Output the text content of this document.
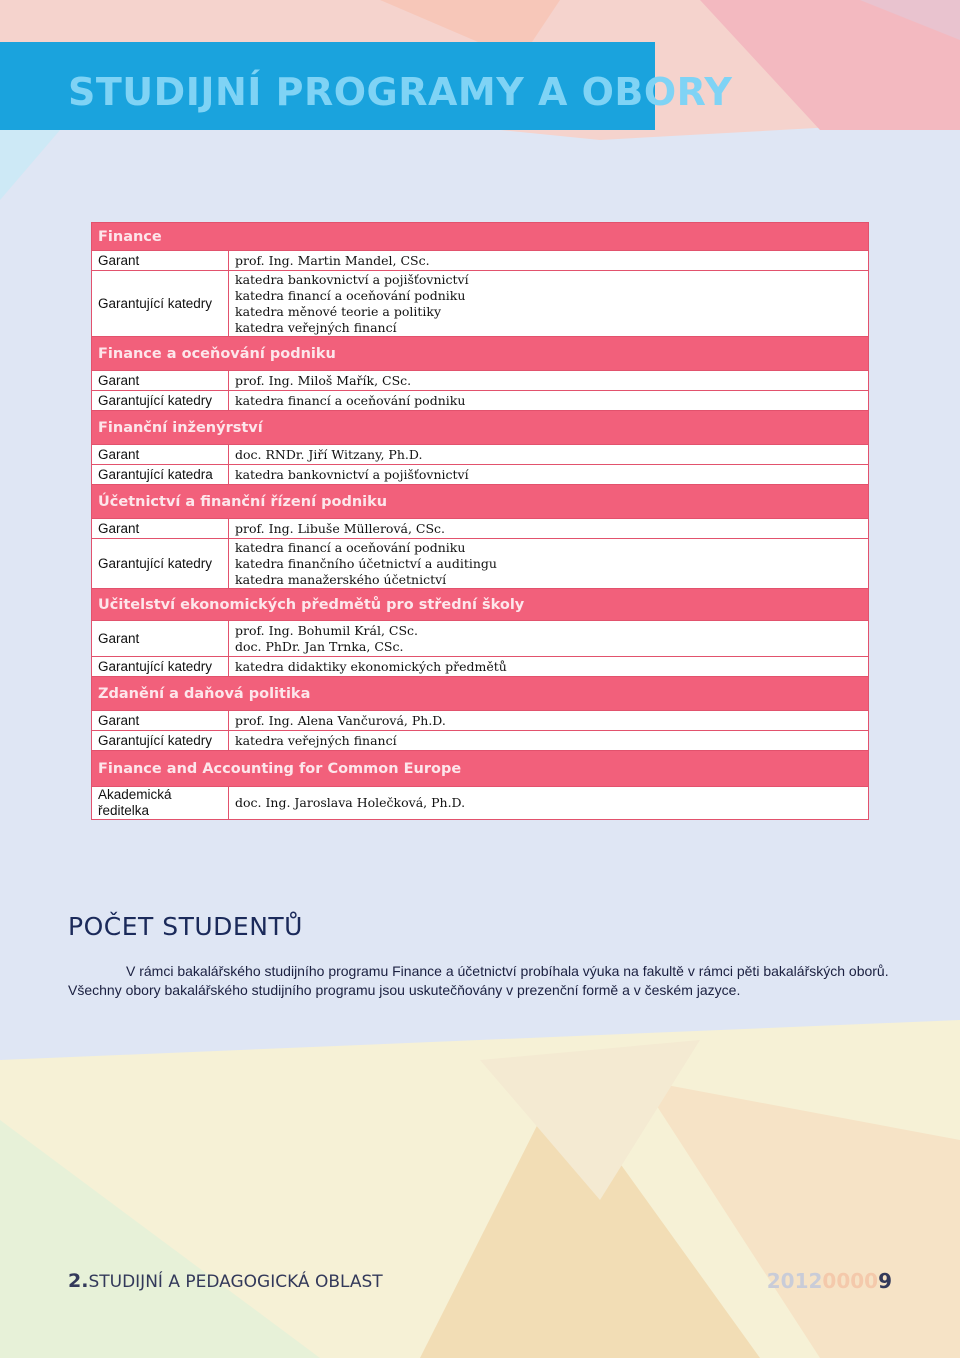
STUDIJNÍ PROGRAMY A OBORY
Finance	
Garant	prof. Ing. Martin Mandel, CSc.

Garantující katedry	katedra bankovnictví a pojišťovnictví
katedra financí a oceňování podniku
katedra měnové teorie a politiky
katedra veřejných financí

Finance a oceňování podniku	
Garant	prof. Ing. Miloš Mařík, CSc.

Garantující katedry	katedra financí a oceňování podniku

Finanční inženýrství	
Garant	doc. RNDr. Jiří Witzany, Ph.D.

Garantující katedra	katedra bankovnictví a pojišťovnictví

Účetnictví a finanční řízení podniku	
Garant	prof. Ing. Libuše Müllerová, CSc.

Garantující katedry	katedra financí a oceňování podniku
katedra finančního účetnictví a auditingu
katedra manažerského účetnictví

Učitelství ekonomických předmětů pro střední školy	
Garant	prof. Ing. Bohumil Král, CSc.
doc. PhDr. Jan Trnka, CSc.

Garantující katedry	katedra didaktiky ekonomických předmětů

Zdanění a daňová politika	
Garant	prof. Ing. Alena Vančurová, Ph.D.

Garantující katedry	katedra veřejných financí

Finance and Accounting for Common Europe	
Akademická ředitelka	doc. Ing. Jaroslava Holečková, Ph.D.
POČET STUDENTŮ
V rámci bakalářského studijního programu Finance a účetnictví probíhala výuka na fakultě v rámci pěti bakalářských oborů. Všechny obory bakalářského studijního programu jsou uskutečňovány v prezenční formě a v českém jazyce.
2.STUDIJNÍ A PEDAGOGICKÁ OBLAST	201200009
